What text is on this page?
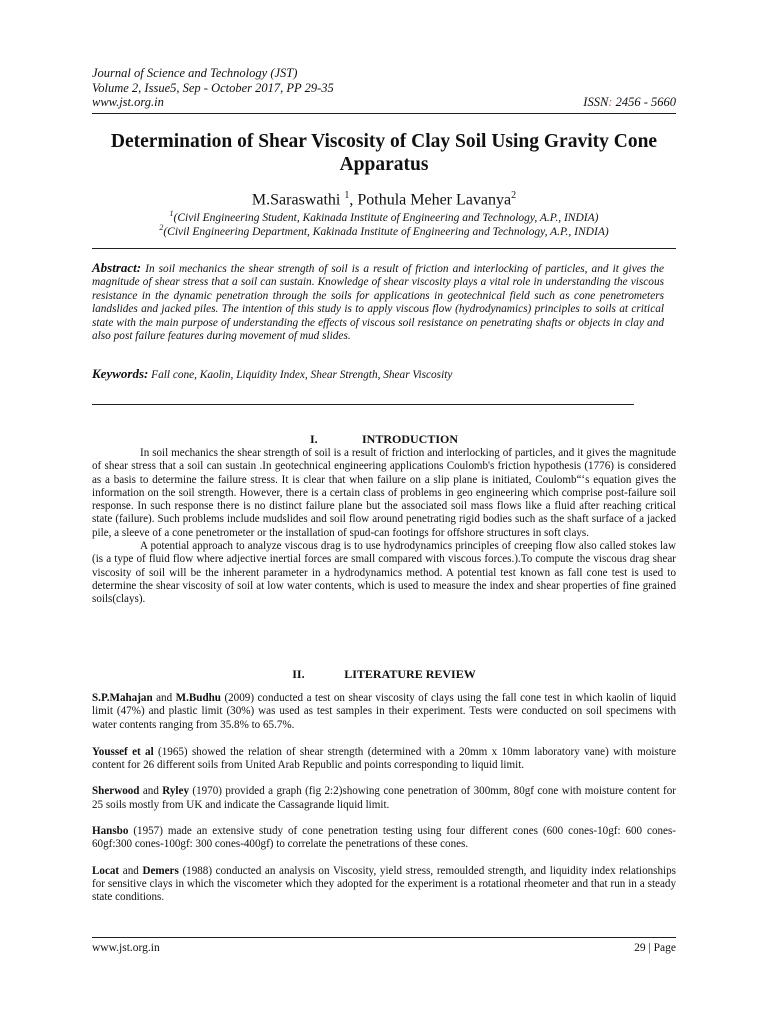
Journal of Science and Technology (JST)
Volume 2, Issue5, Sep - October 2017, PP 29-35
www.jst.org.in	ISSN: 2456 - 5660
Determination of Shear Viscosity of Clay Soil Using Gravity Cone
Apparatus
M.Saraswathi $^1$, Pothula Meher Lavanya$^2$
$^1$(Civil Engineering Student, Kakinada Institute of Engineering and Technology, A.P., INDIA)
$^2$(Civil Engineering Department, Kakinada Institute of Engineering and Technology, A.P., INDIA)
Abstract: In soil mechanics the shear strength of soil is a result of friction and interlocking of particles, and it gives the magnitude of shear stress that a soil can sustain. Knowledge of shear viscosity plays a vital role in understanding the viscous resistance in the dynamic penetration through the soils for applications in geotechnical field such as cone penetrometers landslides and jacked piles. The intention of this study is to apply viscous flow (hydrodynamics) principles to soils at critical state with the main purpose of understanding the effects of viscous soil resistance on penetrating shafts or objects in clay and also post failure features during movement of mud slides.
Keywords: Fall cone, Kaolin, Liquidity Index, Shear Strength, Shear Viscosity
I.	INTRODUCTION

In soil mechanics the shear strength of soil is a result of friction and interlocking of particles, and it gives the magnitude of shear stress that a soil can sustain .In geotechnical engineering applications Coulomb's friction hypothesis (1776) is considered as a basis to determine the failure stress. It is clear that when failure on a slip plane is initiated, Coulomb“‘s equation gives the information on the soil strength. However, there is a certain class of problems in geo engineering which comprise post-failure soil response. In such response there is no distinct failure plane but the associated soil mass flows like a fluid after reaching critical state (failure). Such problems include mudslides and soil flow around penetrating rigid bodies such as the shaft surface of a jacked pile, a sleeve of a cone penetrometer or the installation of spud-can footings for offshore structures in soft clays.

A potential approach to analyze viscous drag is to use hydrodynamics principles of creeping flow also called stokes law (is a type of fluid flow where adjective inertial forces are small compared with viscous forces.).To compute the viscous drag shear viscosity of soil will be the inherent parameter in a hydrodynamics method. A potential test known as fall cone test is used to determine the shear viscosity of soil at low water contents, which is used to measure the index and shear properties of fine grained soils(clays).

II.	LITERATURE REVIEW

S.P.Mahajan and M.Budhu (2009) conducted a test on shear viscosity of clays using the fall cone test in which kaolin of liquid limit (47%) and plastic limit (30%) was used as test samples in their experiment. Tests were conducted on soil specimens with water contents ranging from 35.8% to 65.7%.

Youssef et al (1965) showed the relation of shear strength (determined with a 20mm x 10mm laboratory vane) with moisture content for 26 different soils from United Arab Republic and points corresponding to liquid limit.

Sherwood and Ryley (1970) provided a graph (fig 2:2)showing cone penetration of 300mm, 80gf cone with moisture content for 25 soils mostly from UK and indicate the Cassagrande liquid limit.

Hansbo (1957) made an extensive study of cone penetration testing using four different cones (600 cones-10gf: 600 cones-60gf:300 cones-100gf: 300 cones-400gf) to correlate the penetrations of these cones.

Locat and Demers (1988) conducted an analysis on Viscosity, yield stress, remoulded strength, and liquidity index relationships for sensitive clays in which the viscometer which they adopted for the experiment is a rotational rheometer and that run in a steady state conditions.

www.jst.org.in	29 | Page
